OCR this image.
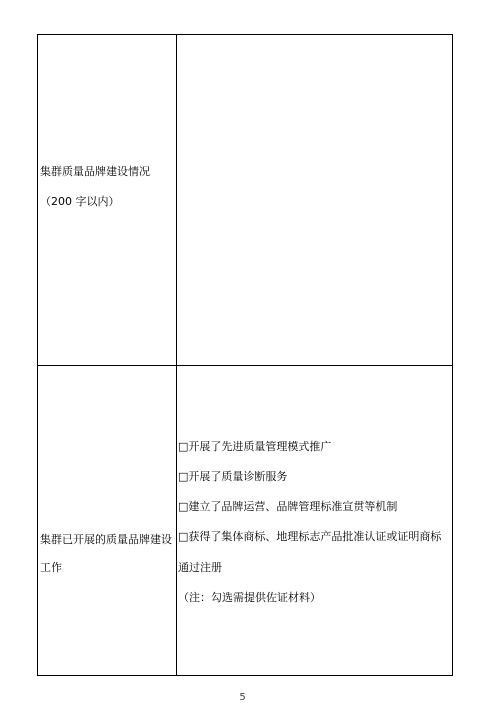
集群质量品牌建设情况
（200 字以内）
集群已开展的质量品牌建设
工作
□开展了先进质量管理模式推广
□开展了质量诊断服务
□建立了品牌运营、品牌管理标准宣贯等机制
□获得了集体商标、地理标志产品批准认证或证明商标
通过注册
（注：勾选需提供佐证材料）
5
